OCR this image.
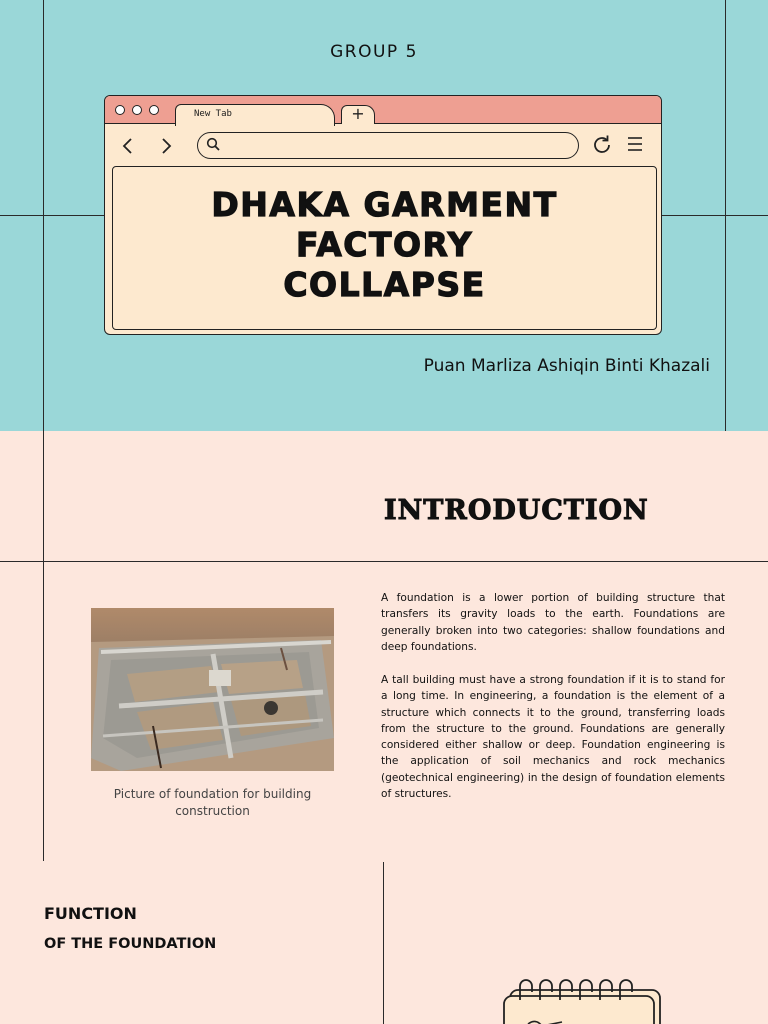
GROUP 5
New Tab	+
DHAKA GARMENT
FACTORY
COLLAPSE
Puan Marliza Ashiqin Binti Khazali
INTRODUCTION
Picture of foundation for building construction

A foundation is a lower portion of building structure that transfers its gravity loads to the earth. Foundations are generally broken into two categories: shallow foundations and deep foundations.

A tall building must have a strong foundation if it is to stand for a long time. In engineering, a foundation is the element of a structure which connects it to the ground, transferring loads from the structure to the ground. Foundations are generally considered either shallow or deep. Foundation engineering is the application of soil mechanics and rock mechanics (geotechnical engineering) in the design of foundation elements of structures.

FUNCTION
OF THE FOUNDATION
